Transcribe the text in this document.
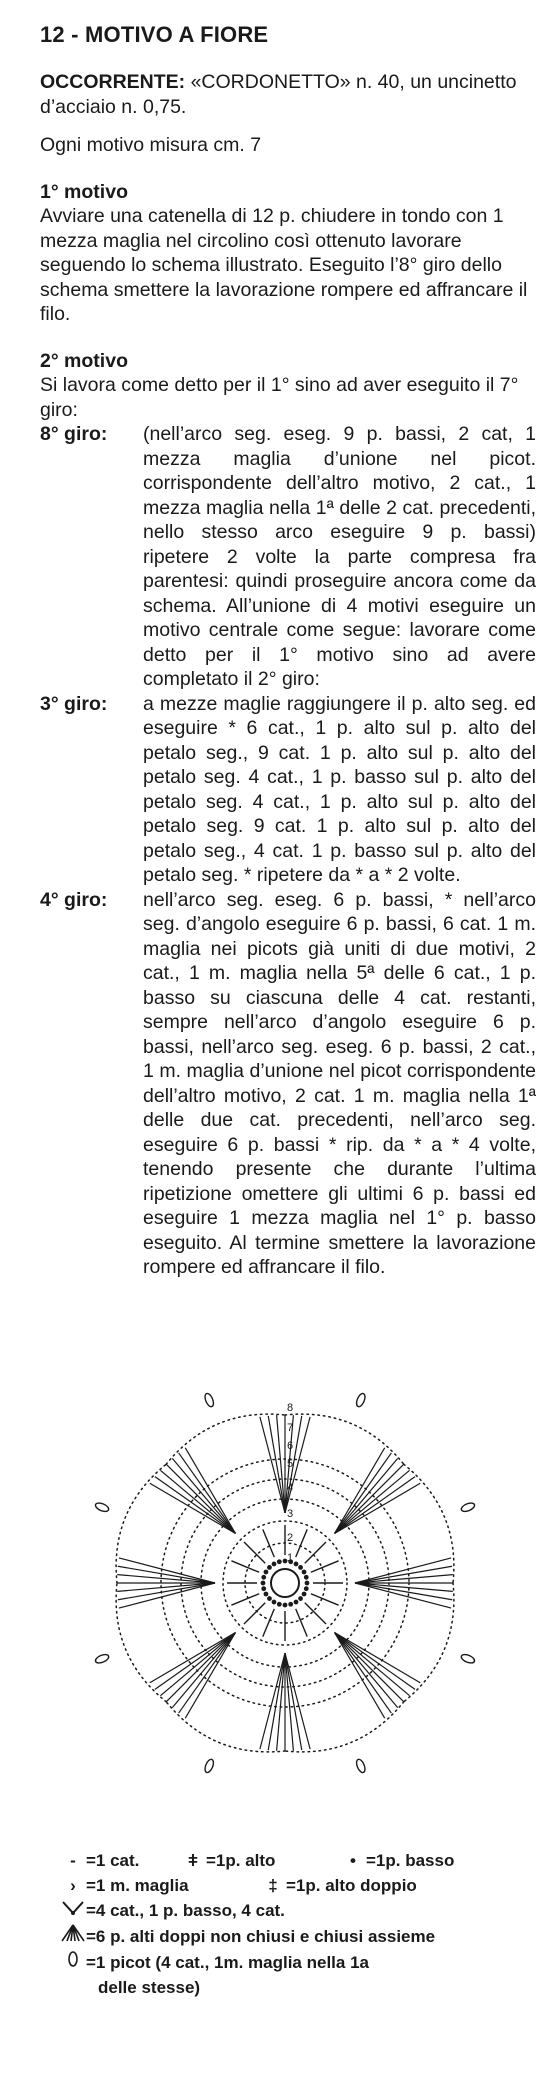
12 - MOTIVO A FIORE

OCCORRENTE: «CORDONETTO» n. 40, un uncinetto d’acciaio n. 0,75.

Ogni motivo misura cm. 7

1° motivo

Avviare una catenella di 12 p. chiudere in tondo con 1 mezza maglia nel circolino così ottenuto lavorare seguendo lo schema illustrato. Eseguito l’8° giro dello schema smettere la lavorazione rompere ed affrancare il filo.

2° motivo

Si lavora come detto per il 1° sino ad aver eseguito il 7° giro:

8° giro:	(nell’arco seg. eseg. 9 p. bassi, 2 cat, 1 mezza maglia d’unione nel picot. corrispondente dell’altro motivo, 2 cat., 1 mezza maglia nella 1ª delle 2 cat. precedenti, nello stesso arco eseguire 9 p. bassi) ripetere 2 volte la parte compresa fra parentesi: quindi proseguire ancora come da schema. All’unione di 4 motivi eseguire un motivo centrale come segue: lavorare come detto per il 1° motivo sino ad avere completato il 2° giro:
3° giro:	a mezze maglie raggiungere il p. alto seg. ed eseguire * 6 cat., 1 p. alto sul p. alto del petalo seg., 9 cat. 1 p. alto sul p. alto del petalo seg. 4 cat., 1 p. basso sul p. alto del petalo seg. 4 cat., 1 p. alto sul p. alto del petalo seg. 9 cat. 1 p. alto sul p. alto del petalo seg., 4 cat. 1 p. basso sul p. alto del petalo seg. * ripetere da * a * 2 volte.
4° giro:	nell’arco seg. eseg. 6 p. bassi, * nell’arco seg. d’angolo eseguire 6 p. bassi, 6 cat. 1 m. maglia nei picots già uniti di due motivi, 2 cat., 1 m. maglia nella 5ª delle 6 cat., 1 p. basso su ciascuna delle 4 cat. restanti, sempre nell’arco d’angolo eseguire 6 p. bassi, nell’arco seg. eseg. 6 p. bassi, 2 cat., 1 m. maglia d’unione nel picot corrispondente dell’altro motivo, 2 cat. 1 m. maglia nella 1ª delle due cat. precedenti, nell’arco seg. eseguire 6 p. bassi * rip. da * a * 4 volte, tenendo presente che durante l’ultima ripetizione omettere gli ultimi 6 p. bassi ed eseguire 1 mezza maglia nel 1° p. basso eseguito. Al termine smettere la lavorazione rompere ed affrancare il filo.
1
2
3
4
5
6
7
8
- =1 cat.	ǂ =1p. alto	• =1p. basso
› =1 m. maglia	‡ =1p. alto doppio
=4 cat., 1 p. basso, 4 cat.
=6 p. alti doppi non chiusi e chiusi assieme
=1 picot (4 cat., 1m. maglia nella 1a
delle stesse)
